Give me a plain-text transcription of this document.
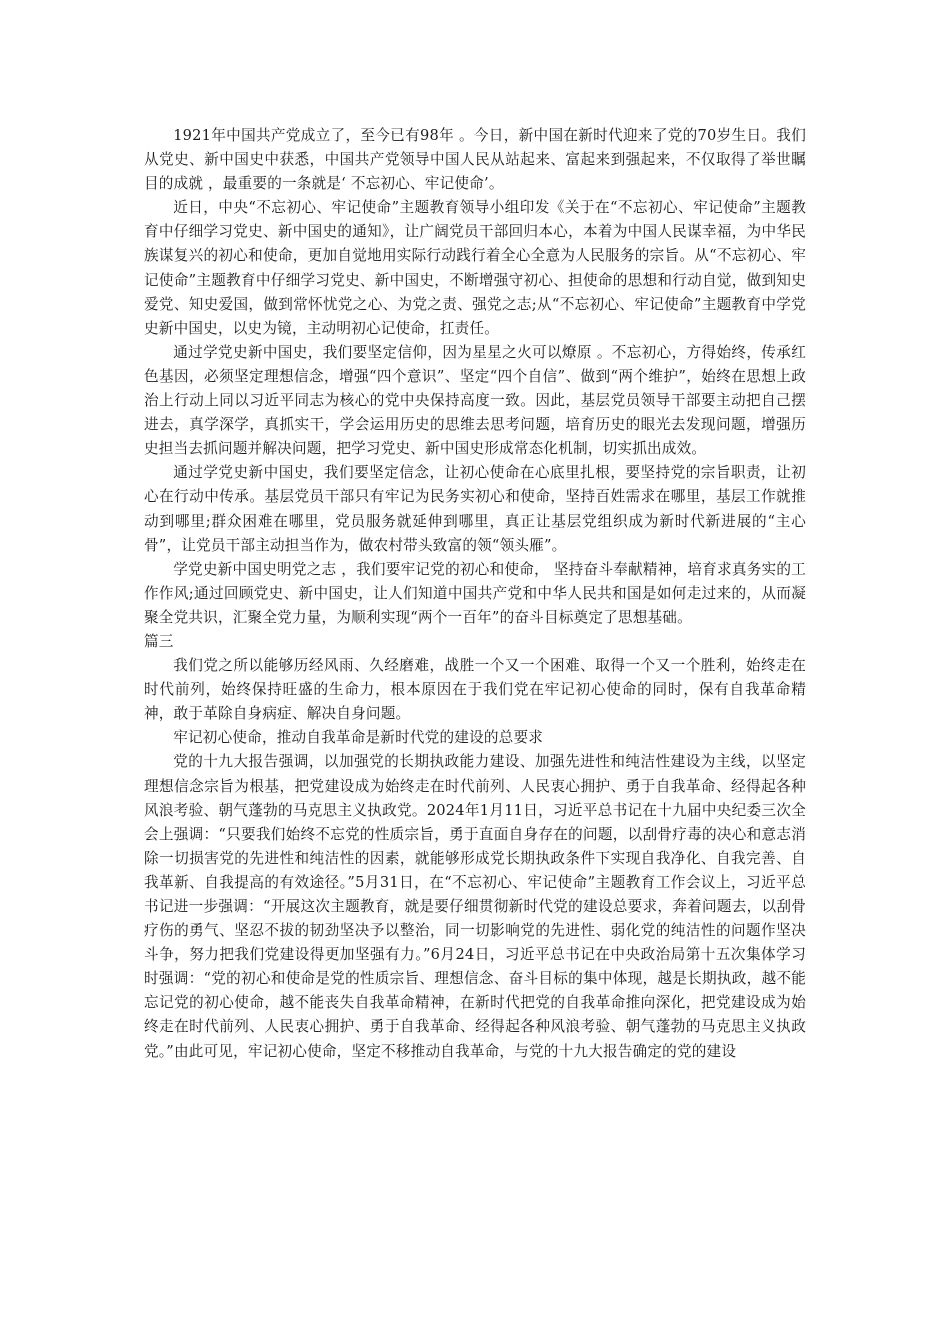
1921年中国共产党成立了，至今已有98年 。今日，新中国在新时代迎来了党的70岁生日。我们从党史、新中国史中获悉，中国共产党领导中国人民从站起来、富起来到强起来，不仅取得了举世瞩目的成就 ，最重要的一条就是‘ 不忘初心、牢记使命’。

近日，中央“不忘初心、牢记使命”主题教育领导小组印发《关于在“不忘初心、牢记使命”主题教育中仔细学习党史、新中国史的通知》，让广阔党员干部回归本心，本着为中国人民谋幸福，为中华民族谋复兴的初心和使命，更加自觉地用实际行动践行着全心全意为人民服务的宗旨。从“不忘初心、牢记使命”主题教育中仔细学习党史、新中国史，不断增强守初心、担使命的思想和行动自觉，做到知史爱党、知史爱国，做到常怀忧党之心、为党之责、强党之志;从“不忘初心、牢记使命”主题教育中学党史新中国史，以史为镜，主动明初心记使命，扛责任。

通过学党史新中国史，我们要坚定信仰，因为星星之火可以燎原 。不忘初心，方得始终，传承红色基因，必须坚定理想信念，增强“四个意识”、坚定“四个自信”、做到“两个维护”，始终在思想上政治上行动上同以习近平同志为核心的党中央保持高度一致。因此，基层党员领导干部要主动把自己摆进去，真学深学，真抓实干，学会运用历史的思维去思考问题，培育历史的眼光去发现问题，增强历史担当去抓问题并解决问题，把学习党史、新中国史形成常态化机制，切实抓出成效。

通过学党史新中国史，我们要坚定信念，让初心使命在心底里扎根，要坚持党的宗旨职责，让初心在行动中传承。基层党员干部只有牢记为民务实初心和使命，坚持百姓需求在哪里，基层工作就推动到哪里;群众困难在哪里，党员服务就延伸到哪里，真正让基层党组织成为新时代新进展的“主心骨”，让党员干部主动担当作为，做农村带头致富的领“领头雁”。

学党史新中国史明党之志 ，我们要牢记党的初心和使命， 坚持奋斗奉献精神，培育求真务实的工作作风;通过回顾党史、新中国史，让人们知道中国共产党和中华人民共和国是如何走过来的，从而凝聚全党共识，汇聚全党力量，为顺利实现“两个一百年”的奋斗目标奠定了思想基础。

篇三

我们党之所以能够历经风雨、久经磨难，战胜一个又一个困难、取得一个又一个胜利，始终走在时代前列，始终保持旺盛的生命力，根本原因在于我们党在牢记初心使命的同时，保有自我革命精神，敢于革除自身病症、解决自身问题。

牢记初心使命，推动自我革命是新时代党的建设的总要求

党的十九大报告强调，以加强党的长期执政能力建设、加强先进性和纯洁性建设为主线，以坚定理想信念宗旨为根基，把党建设成为始终走在时代前列、人民衷心拥护、勇于自我革命、经得起各种风浪考验、朝气蓬勃的马克思主义执政党。2024年1月11日，习近平总书记在十九届中央纪委三次全会上强调：“只要我们始终不忘党的性质宗旨，勇于直面自身存在的问题，以刮骨疗毒的决心和意志消除一切损害党的先进性和纯洁性的因素，就能够形成党长期执政条件下实现自我净化、自我完善、自我革新、自我提高的有效途径。”5月31日，在“不忘初心、牢记使命”主题教育工作会议上，习近平总书记进一步强调：“开展这次主题教育，就是要仔细贯彻新时代党的建设总要求，奔着问题去，以刮骨疗伤的勇气、坚忍不拔的韧劲坚决予以整治，同一切影响党的先进性、弱化党的纯洁性的问题作坚决斗争，努力把我们党建设得更加坚强有力。”6月24日，习近平总书记在中央政治局第十五次集体学习时强调：“党的初心和使命是党的性质宗旨、理想信念、奋斗目标的集中体现，越是长期执政，越不能忘记党的初心使命，越不能丧失自我革命精神，在新时代把党的自我革命推向深化，把党建设成为始终走在时代前列、人民衷心拥护、勇于自我革命、经得起各种风浪考验、朝气蓬勃的马克思主义执政党。”由此可见，牢记初心使命，坚定不移推动自我革命，与党的十九大报告确定的党的建设
